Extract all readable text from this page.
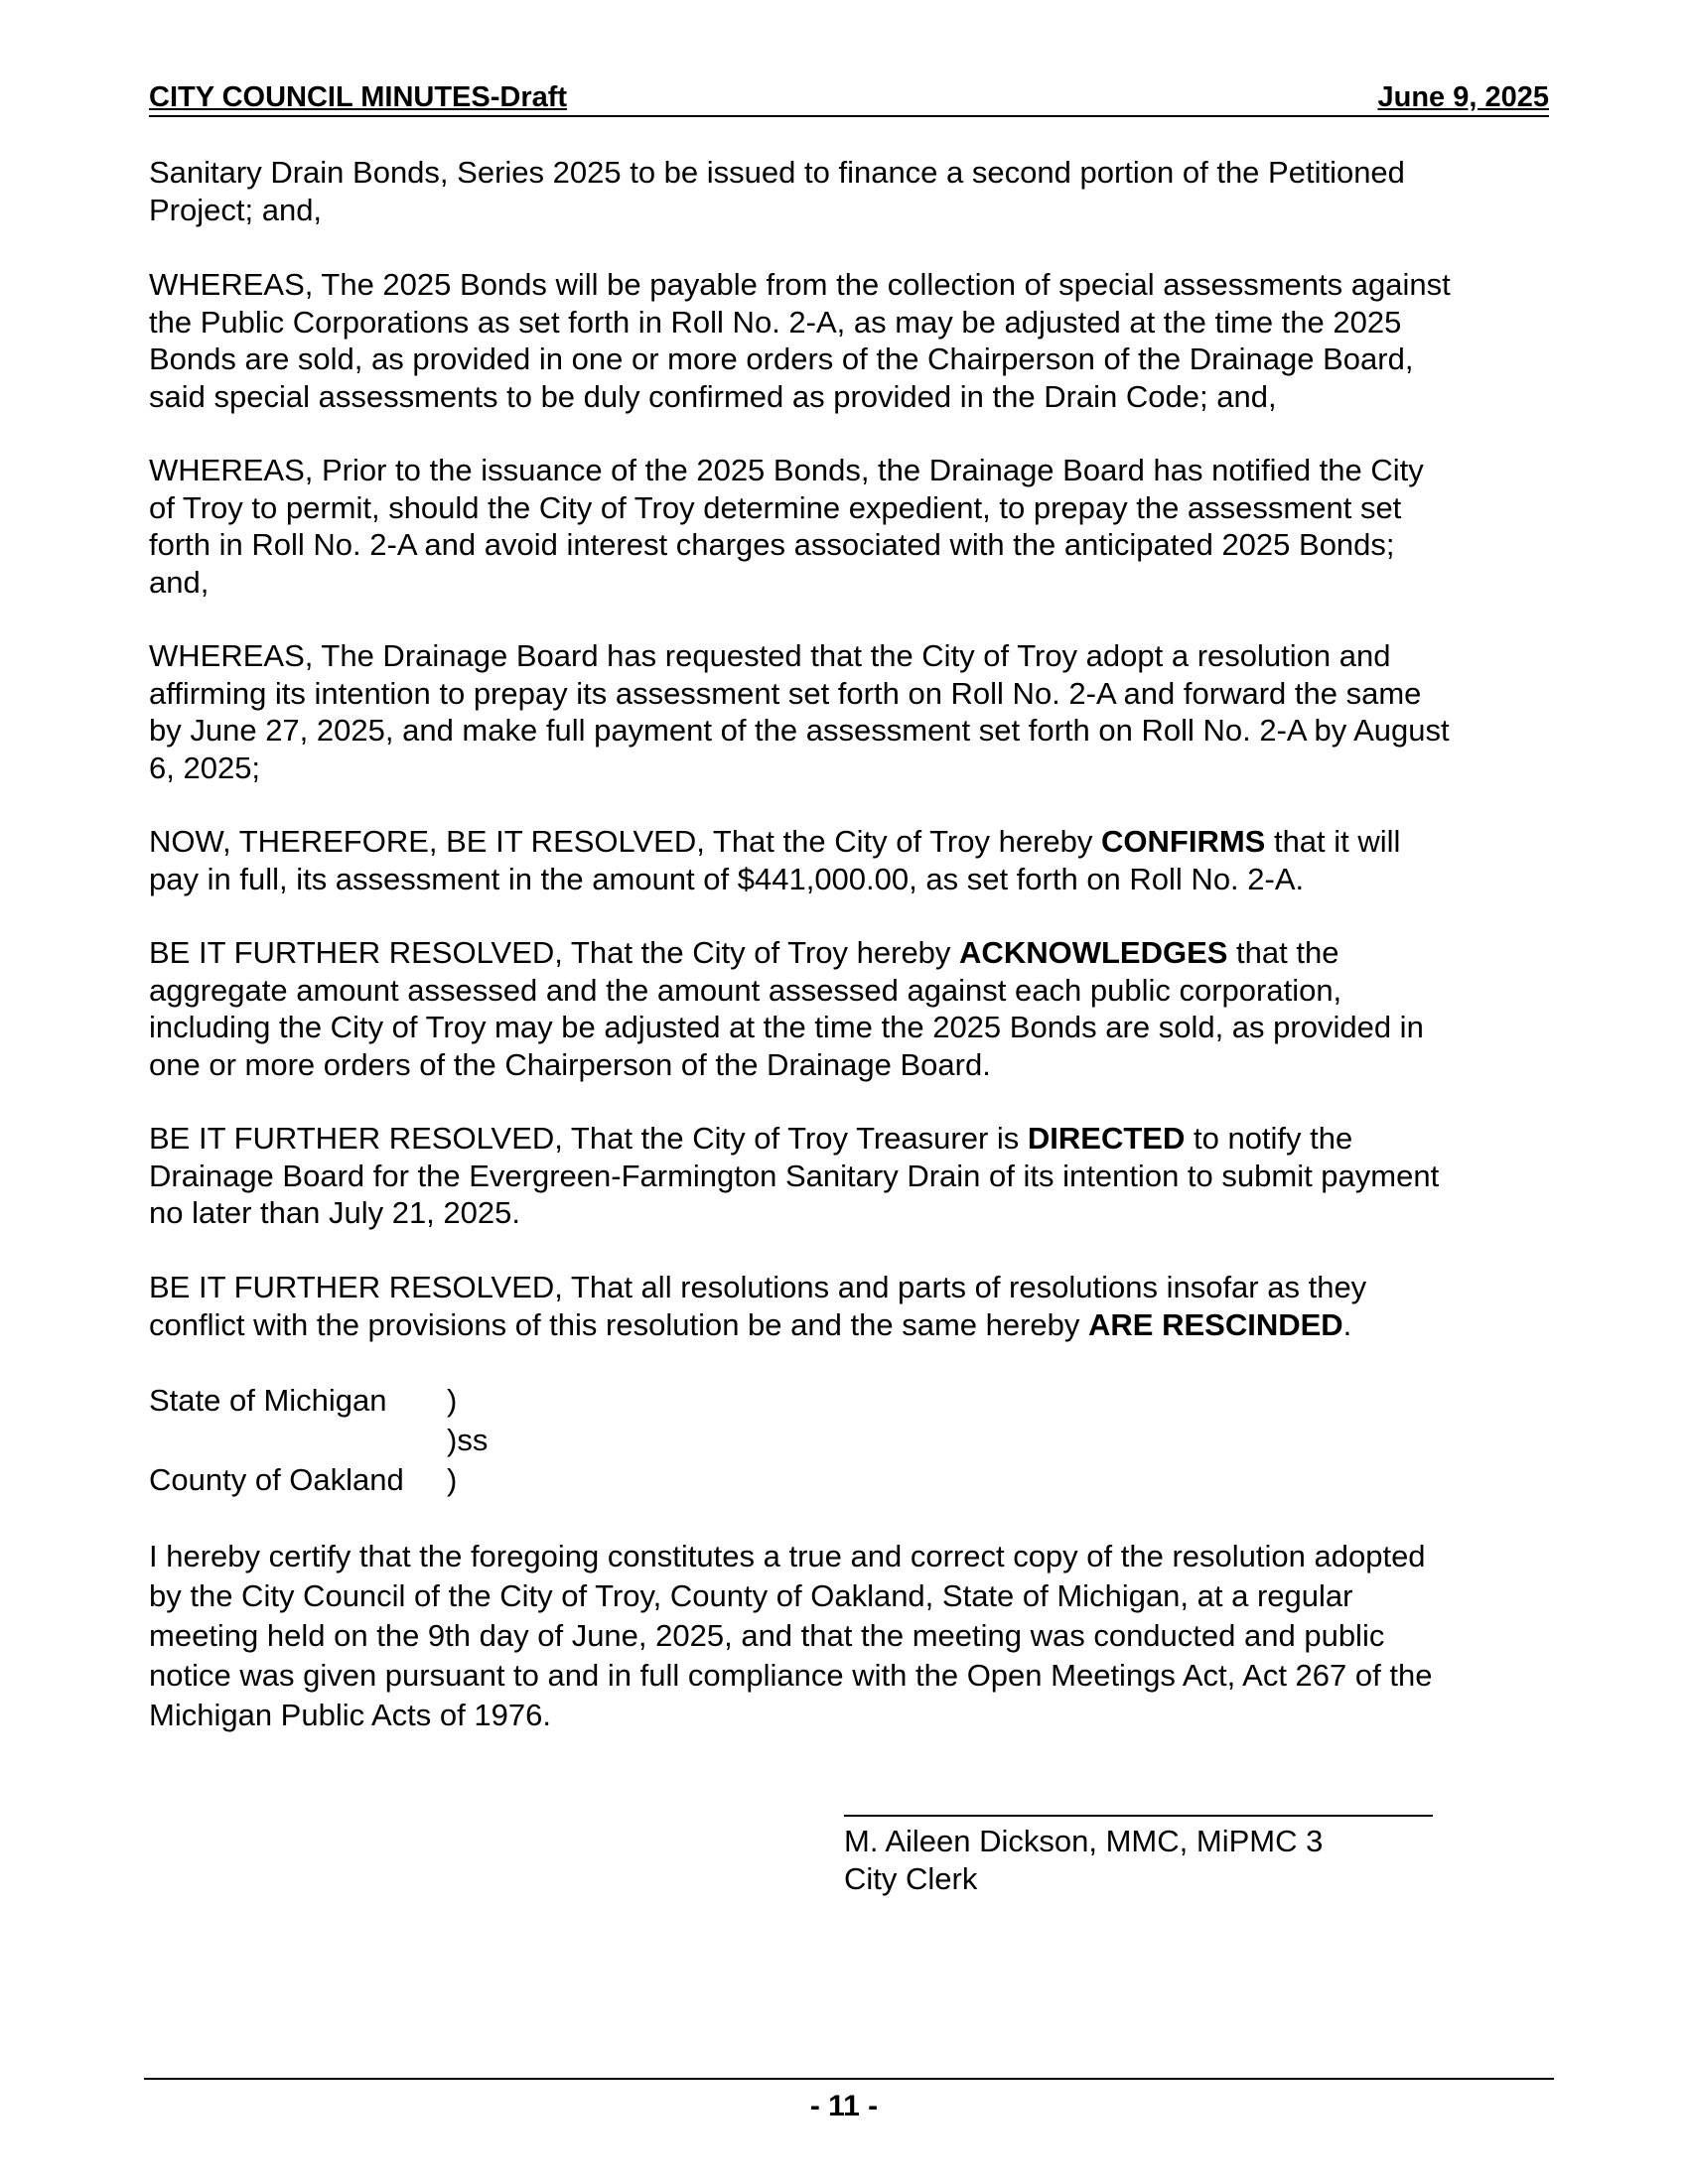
CITY COUNCIL MINUTES-Draft	June 9, 2025

Sanitary Drain Bonds, Series 2025 to be issued to finance a second portion of the Petitioned
Project; and,

WHEREAS, The 2025 Bonds will be payable from the collection of special assessments against
the Public Corporations as set forth in Roll No. 2-A, as may be adjusted at the time the 2025
Bonds are sold, as provided in one or more orders of the Chairperson of the Drainage Board,
said special assessments to be duly confirmed as provided in the Drain Code; and,

WHEREAS, Prior to the issuance of the 2025 Bonds, the Drainage Board has notified the City
of Troy to permit, should the City of Troy determine expedient, to prepay the assessment set
forth in Roll No. 2-A and avoid interest charges associated with the anticipated 2025 Bonds;
and,

WHEREAS, The Drainage Board has requested that the City of Troy adopt a resolution and
affirming its intention to prepay its assessment set forth on Roll No. 2-A and forward the same
by June 27, 2025, and make full payment of the assessment set forth on Roll No. 2-A by August
6, 2025;

NOW, THEREFORE, BE IT RESOLVED, That the City of Troy hereby CONFIRMS that it will
pay in full, its assessment in the amount of $441,000.00, as set forth on Roll No. 2-A.

BE IT FURTHER RESOLVED, That the City of Troy hereby ACKNOWLEDGES that the
aggregate amount assessed and the amount assessed against each public corporation,
including the City of Troy may be adjusted at the time the 2025 Bonds are sold, as provided in
one or more orders of the Chairperson of the Drainage Board.

BE IT FURTHER RESOLVED, That the City of Troy Treasurer is DIRECTED to notify the
Drainage Board for the Evergreen-Farmington Sanitary Drain of its intention to submit payment
no later than July 21, 2025.

BE IT FURTHER RESOLVED, That all resolutions and parts of resolutions insofar as they
conflict with the provisions of this resolution be and the same hereby ARE RESCINDED.

State of Michigan )
)ss
County of Oakland )

I hereby certify that the foregoing constitutes a true and correct copy of the resolution adopted
by the City Council of the City of Troy, County of Oakland, State of Michigan, at a regular
meeting held on the 9th day of June, 2025, and that the meeting was conducted and public
notice was given pursuant to and in full compliance with the Open Meetings Act, Act 267 of the
Michigan Public Acts of 1976.

M. Aileen Dickson, MMC, MiPMC 3
City Clerk
- 11 -
